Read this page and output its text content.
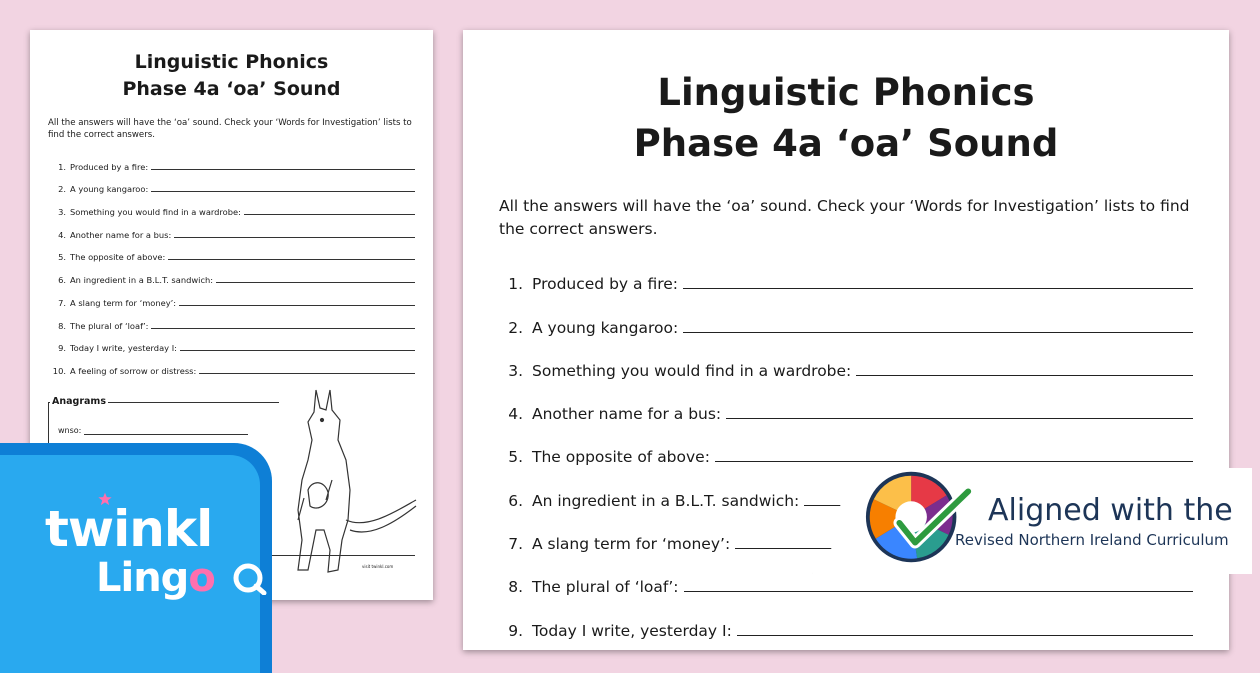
Linguistic Phonics
Phase 4a ‘oa’ Sound
All the answers will have the ‘oa’ sound. Check your ‘Words for Investigation’ lists to find the correct answers.
1. Produced by a fire:
2. A young kangaroo:
3. Something you would find in a wardrobe:
4. Another name for a bus:
5. The opposite of above:
6. An ingredient in a B.L.T. sandwich:
7. A slang term for ‘money’:
8. The plural of ‘loaf’:
9. Today I write, yesterday I:
10. A feeling of sorrow or distress:
Anagrams
wnso:
visit twinkl.com
Linguistic Phonics
Phase 4a ‘oa’ Sound
All the answers will have the ‘oa’ sound. Check your ‘Words for Investigation’ lists to find the correct answers.
1. Produced by a fire:
2. A young kangaroo:
3. Something you would find in a wardrobe:
4. Another name for a bus:
5. The opposite of above:
6. An ingredient in a B.L.T. sandwich:
7. A slang term for ‘money’:
8. The plural of ‘loaf’:
9. Today I write, yesterday I:
twinkl
Lingo
Aligned with the
Revised Northern Ireland Curriculum
